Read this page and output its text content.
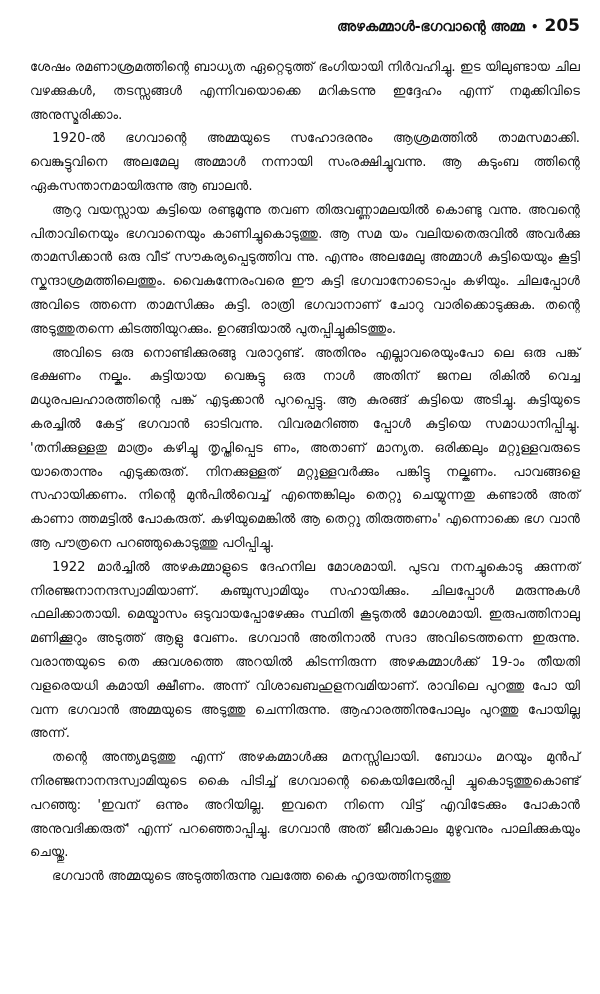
അഴകമ്മാൾ-ഭഗവാന്റെ അമ്മ • 205

ശേഷം രമണാശ്രമത്തിന്റെ ബാധ്യത ഏറ്റെടുത്ത് ഭംഗിയായി നിർവഹിച്ചു. ഇട യിലുണ്ടായ ചില വഴക്കുകൾ, തടസ്സങ്ങൾ എന്നിവയൊക്കെ മറികടന്നു ഇദ്ദേഹം എന്ന് നമുക്കിവിടെ അനുസ്മരിക്കാം.

1920-ൽ ഭഗവാന്റെ അമ്മയുടെ സഹോദരനും ആശ്രമത്തിൽ താമസമാക്കി. വെങ്കുട്ടുവിനെ അലമേലു അമ്മാൾ നന്നായി സംരക്ഷിച്ചുവന്നു. ആ കുടുംബ ത്തിന്റെ ഏകസന്താനമായിരുന്നു ആ ബാലൻ.

ആറു വയസ്സായ കുട്ടിയെ രണ്ടുമൂന്നു തവണ തിരുവണ്ണാമലയിൽ കൊണ്ടു വന്നു. അവന്റെ പിതാവിനെയും ഭഗവാനെയും കാണിച്ചുകൊടുത്തു. ആ സമ യം വലിയതെരുവിൽ അവർക്കു താമസിക്കാൻ ഒരു വീട് സൗകര്യപ്പെടുത്തിവ ന്നു. എന്നും അലമേലു അമ്മാൾ കുട്ടിയെയും കൂട്ടി സ്കന്ദാശ്രമത്തിലെത്തും. വൈകുന്നേരംവരെ ഈ കുട്ടി ഭഗവാനോടൊപ്പം കഴിയും. ചിലപ്പോൾ അവിടെ ത്തന്നെ താമസിക്കും കുട്ടി. രാത്രി ഭഗവാനാണ് ചോറു വാരിക്കൊടുക്കുക. തന്റെ അടുത്തുതന്നെ കിടത്തിയുറക്കും. ഉറങ്ങിയാൽ പുതപ്പിച്ചുകിടത്തും.

അവിടെ ഒരു നൊണ്ടിക്കുരങ്ങു വരാറുണ്ട്. അതിനും എല്ലാവരെയുംപോ ലെ ഒരു പങ്ക് ഭക്ഷണം നല്കും. കുട്ടിയായ വെങ്കുട്ടു ഒരു നാൾ അതിന് ജനല രികിൽ വെച്ച മധുരപലഹാരത്തിന്റെ പങ്ക് എടുക്കാൻ പുറപ്പെട്ടു. ആ കുരങ്ങ് കുട്ടിയെ അടിച്ചു. കുട്ടിയുടെ കരച്ചിൽ കേട്ട് ഭഗവാൻ ഓടിവന്നു. വിവരമറിഞ്ഞ പ്പോൾ കുട്ടിയെ സമാധാനിപ്പിച്ചു. 'തനിക്കുള്ളതു മാത്രം കഴിച്ചു തൃപ്തിപ്പെട ണം, അതാണ് മാന്യത. ഒരിക്കലും മറ്റുള്ളവരുടെ യാതൊന്നും എടുക്കരുത്. നിനക്കുള്ളത് മറ്റുള്ളവർക്കും പങ്കിട്ടു നല്കണം. പാവങ്ങളെ സഹായിക്കണം. നിന്റെ മുൻപിൽവെച്ച് എന്തെങ്കിലും തെറ്റു ചെയ്യുന്നതു കണ്ടാൽ അത് കാണാ ത്തമട്ടിൽ പോകരുത്. കഴിയുമെങ്കിൽ ആ തെറ്റു തിരുത്തണം' എന്നൊക്കെ ഭഗ വാൻ ആ പൗത്രനെ പറഞ്ഞുകൊടുത്തു പഠിപ്പിച്ചു.

1922 മാർച്ചിൽ അഴകമ്മാളുടെ ദേഹനില മോശമായി. പുടവ നനച്ചുകൊടു ക്കുന്നത് നിരഞ്ജനാനന്ദസ്വാമിയാണ്. കുഞ്ചുസ്വാമിയും സഹായിക്കും. ചിലപ്പോൾ മരുന്നുകൾ ഫലിക്കാതായി. മെയ്മാസം ഒടുവായപ്പോഴേക്കും സ്ഥിതി കൂടുതൽ മോശമായി. ഇരുപത്തിനാലു മണിക്കൂറും അടുത്ത് ആളു വേണം. ഭഗവാൻ അതിനാൽ സദാ അവിടെത്തന്നെ ഇരുന്നു. വരാന്തയുടെ തെ ക്കുവശത്തെ അറയിൽ കിടന്നിരുന്ന അഴകമ്മാൾക്ക് 19-ാം തീയതി വളരെയധി കമായി ക്ഷീണം. അന്ന് വിശാഖബഹുളനവമിയാണ്. രാവിലെ പുറത്തു പോ യി വന്ന ഭഗവാൻ അമ്മയുടെ അടുത്തു ചെന്നിരുന്നു. ആഹാരത്തിനുപോലും പുറത്തു പോയില്ല അന്ന്.

തന്റെ അന്ത്യമടുത്തു എന്ന് അഴകമ്മാൾക്കു മനസ്സിലായി. ബോധം മറയും മുൻപ് നിരഞ്ജനാനന്ദസ്വാമിയുടെ കൈ പിടിച്ച് ഭഗവാന്റെ കൈയിലേൽപ്പി ച്ചുകൊടുത്തുകൊണ്ട് പറഞ്ഞു: 'ഇവന് ഒന്നും അറിയില്ല. ഇവനെ നിന്നെ വിട്ട് എവിടേക്കും പോകാൻ അനുവദിക്കരുത്' എന്ന് പറഞ്ഞൊപ്പിച്ചു. ഭഗവാൻ അത് ജീവകാലം മുഴുവനും പാലിക്കുകയും ചെയ്തു.

ഭഗവാൻ അമ്മയുടെ അടുത്തിരുന്നു വലത്തേ കൈ ഹൃദയത്തിനടുത്തു
